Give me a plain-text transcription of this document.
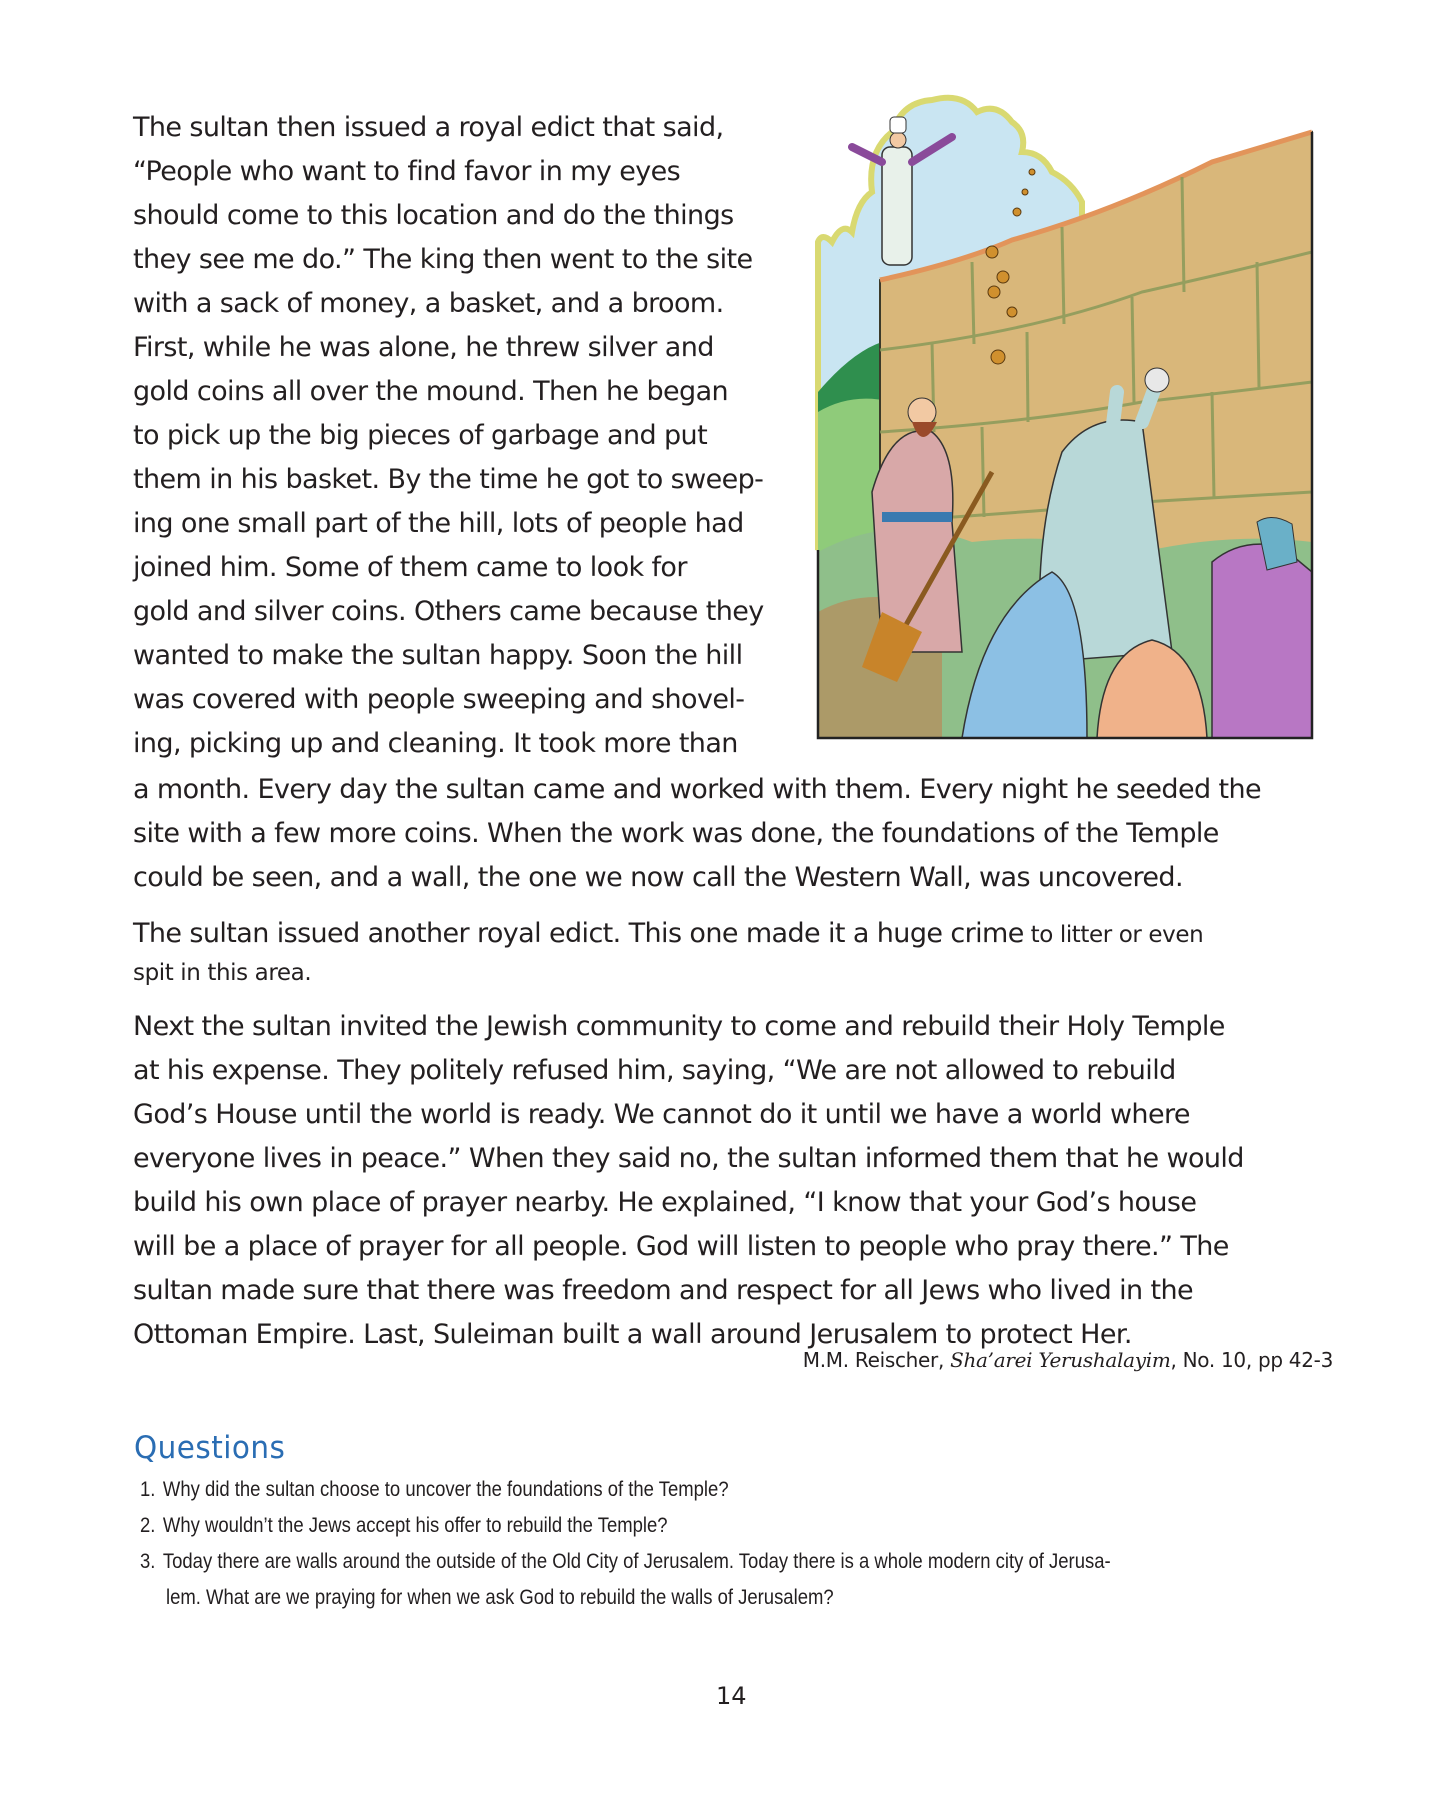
The sultan then issued a royal edict that said,
“People who want to find favor in my eyes
should come to this location and do the things
they see me do.” The king then went to the site
with a sack of money, a basket, and a broom.
First, while he was alone, he threw silver and
gold coins all over the mound. Then he began
to pick up the big pieces of garbage and put
them in his basket. By the time he got to sweep-
ing one small part of the hill, lots of people had
joined him. Some of them came to look for
gold and silver coins. Others came because they
wanted to make the sultan happy. Soon the hill
was covered with people sweeping and shovel-
ing, picking up and cleaning. It took more than
a month. Every day the sultan came and worked with them. Every night he seeded the
site with a few more coins. When the work was done, the foundations of the Temple
could be seen, and a wall, the one we now call the Western Wall, was uncovered.
The sultan issued another royal edict. This one made it a huge crime to litter or even
spit in this area.
Next the sultan invited the Jewish community to come and rebuild their Holy Temple
at his expense. They politely refused him, saying, “We are not allowed to rebuild
God’s House until the world is ready. We cannot do it until we have a world where
everyone lives in peace.” When they said no, the sultan informed them that he would
build his own place of prayer nearby. He explained, “I know that your God’s house
will be a place of prayer for all people. God will listen to people who pray there.” The
sultan made sure that there was freedom and respect for all Jews who lived in the
Ottoman Empire. Last, Suleiman built a wall around Jerusalem to protect Her.
M.M. Reischer, Sha’arei Yerushalayim, No. 10, pp 42-3
Questions
1. Why did the sultan choose to uncover the foundations of the Temple?
2. Why wouldn’t the Jews accept his offer to rebuild the Temple?
3. Today there are walls around the outside of the Old City of Jerusalem. Today there is a whole modern city of Jerusa-
lem. What are we praying for when we ask God to rebuild the walls of Jerusalem?
14
